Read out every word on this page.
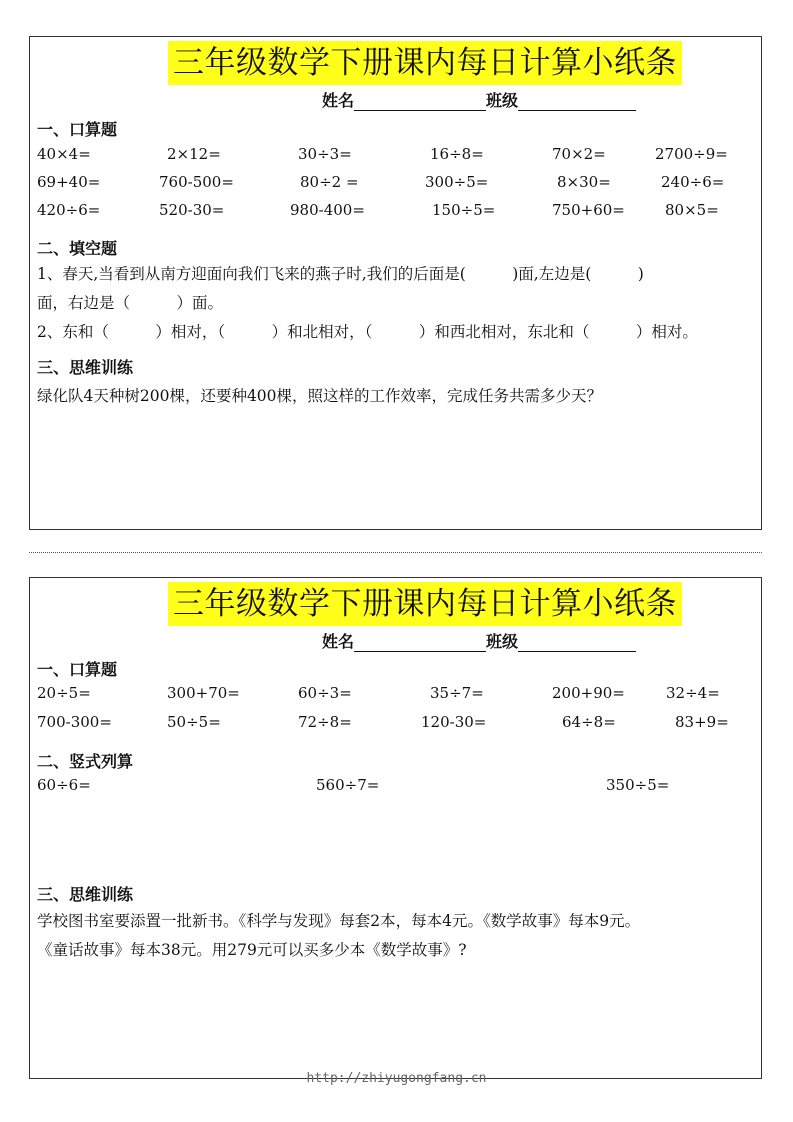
三年级数学下册课内每日计算小纸条
姓名	班级
一、口算题
40×4=	2×12=	30÷3=	16÷8=	70×2=	2700÷9=
69+40=	760-500=	80÷2 =	300÷5=	8×30=	240÷6=
420÷6=	520-30=	980-400=	150÷5=	750+60=	80×5=
二、填空题
1、春天,当看到从南方迎面向我们飞来的燕子时,我们的后面是(　　　)面,左边是(　　　)
面，右边是（　　　）面。
2、东和（　　　）相对，（　　　）和北相对，（　　　）和西北相对，东北和（　　　）相对。
三、思维训练
绿化队4天种树200棵，还要种400棵，照这样的工作效率，完成任务共需多少天？
三年级数学下册课内每日计算小纸条
姓名	班级
一、口算题
20÷5=	300+70=	60÷3=	35÷7=	200+90=	32÷4=
700-300=	50÷5=	72÷8=	120-30=	64÷8=	83+9=
二、竖式列算
60÷6=	560÷7=	350÷5=
三、思维训练
学校图书室要添置一批新书。《科学与发现》每套2本，每本4元。《数学故事》每本9元。
《童话故事》每本38元。用279元可以买多少本《数学故事》?
http://zhiyugongfang.cn
